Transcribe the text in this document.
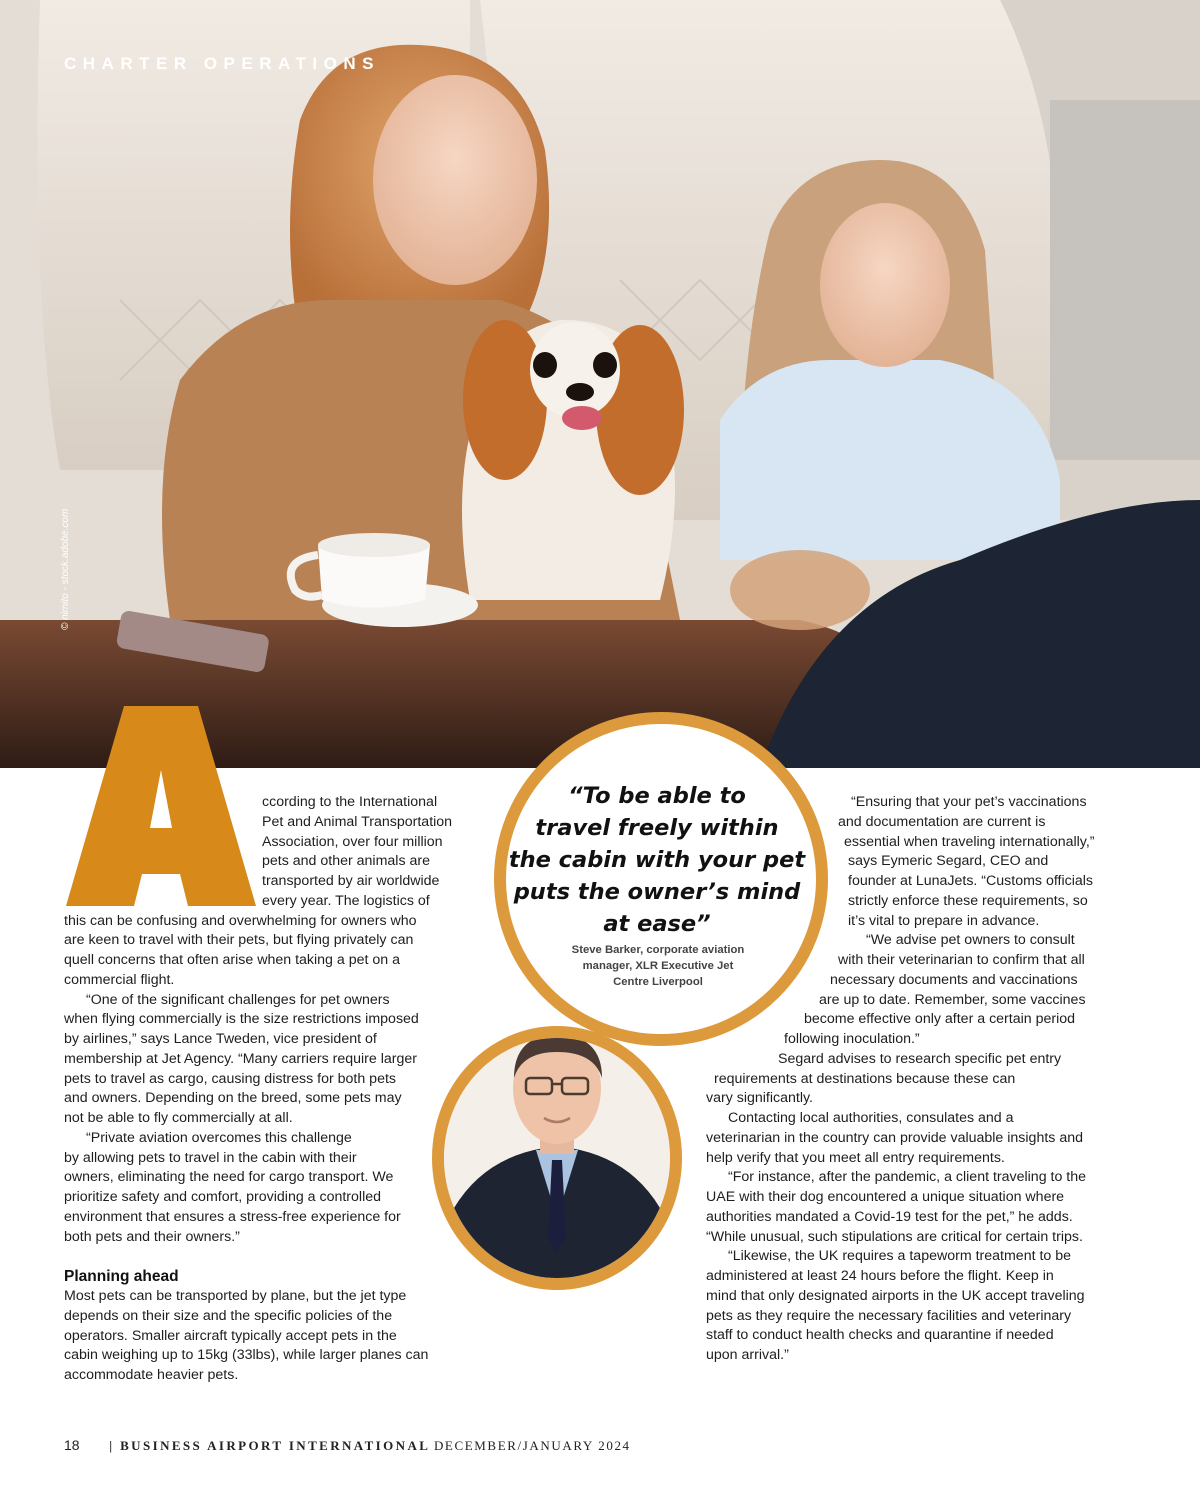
CHARTER OPERATIONS
© nimito - stock.adobe.com
ccording to the International
Pet and Animal Transportation
Association, over four million
pets and other animals are
transported by air worldwide
every year. The logistics of
this can be confusing and overwhelming for owners who
are keen to travel with their pets, but flying privately can
quell concerns that often arise when taking a pet on a
commercial flight.
“One of the significant challenges for pet owners
when flying commercially is the size restrictions imposed
by airlines,” says Lance Tweden, vice president of
membership at Jet Agency. “Many carriers require larger
pets to travel as cargo, causing distress for both pets
and owners. Depending on the breed, some pets may
not be able to fly commercially at all.
“Private aviation overcomes this challenge
by allowing pets to travel in the cabin with their
owners, eliminating the need for cargo transport. We
prioritize safety and comfort, providing a controlled
environment that ensures a stress-free experience for
both pets and their owners.”
Planning ahead
Most pets can be transported by plane, but the jet type
depends on their size and the specific policies of the
operators. Smaller aircraft typically accept pets in the
cabin weighing up to 15kg (33lbs), while larger planes can
accommodate heavier pets.
“To be able to
travel freely within
the cabin with your pet
puts the owner’s mind
at ease”
Steve Barker, corporate aviation
manager, XLR Executive Jet
Centre Liverpool
“Ensuring that your pet’s vaccinations
and documentation are current is
essential when traveling internationally,”
says Eymeric Segard, CEO and
founder at LunaJets. “Customs officials
strictly enforce these requirements, so
it’s vital to prepare in advance.
“We advise pet owners to consult
with their veterinarian to confirm that all
necessary documents and vaccinations
are up to date. Remember, some vaccines
become effective only after a certain period
following inoculation.”
Segard advises to research specific pet entry
requirements at destinations because these can
vary significantly.
Contacting local authorities, consulates and a
veterinarian in the country can provide valuable insights and
help verify that you meet all entry requirements.
“For instance, after the pandemic, a client traveling to the
UAE with their dog encountered a unique situation where
authorities mandated a Covid-19 test for the pet,” he adds.
“While unusual, such stipulations are critical for certain trips.
“Likewise, the UK requires a tapeworm treatment to be
administered at least 24 hours before the flight. Keep in
mind that only designated airports in the UK accept traveling
pets as they require the necessary facilities and veterinary
staff to conduct health checks and quarantine if needed
upon arrival.”
18 | BUSINESS AIRPORT INTERNATIONAL DECEMBER/JANUARY 2024
